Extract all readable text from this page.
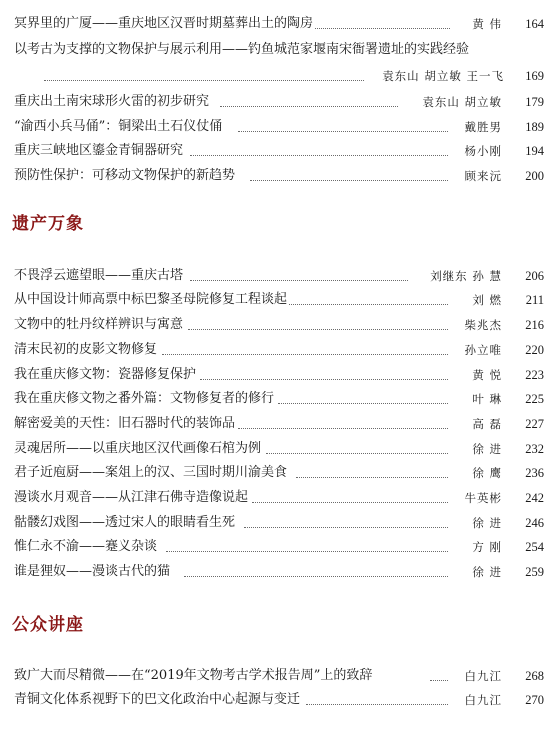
冥界里的广厦——重庆地区汉晋时期墓葬出土的陶房	黄 伟 164
以考古为支撑的文物保护与展示利用——钓鱼城范家堰南宋衙署遗址的实践经验
袁东山 胡立敏 王一飞 169
重庆出土南宋球形火雷的初步研究	袁东山 胡立敏 179
“渝西小兵马俑”：铜梁出土石仪仗俑	戴胜男 189
重庆三峡地区鎏金青铜器研究	杨小刚 194
预防性保护：可移动文物保护的新趋势	顾来沅 200
遗产万象
不畏浮云遮望眼——重庆古塔	刘继东 孙 慧 206
从中国设计师高票中标巴黎圣母院修复工程谈起	刘 燃 211
文物中的牡丹纹样辨识与寓意	柴兆杰 216
清末民初的皮影文物修复	孙立唯 220
我在重庆修文物：瓷器修复保护	黄 悦 223
我在重庆修文物之番外篇：文物修复者的修行	叶 琳 225
解密爱美的天性：旧石器时代的装饰品	高 磊 227
灵魂居所——以重庆地区汉代画像石棺为例	徐 进 232
君子近庖厨——案俎上的汉、三国时期川渝美食	徐 鹰 236
漫谈水月观音——从江津石佛寺造像说起	牛英彬 242
骷髅幻戏图——透过宋人的眼睛看生死	徐 进 246
惟仁永不渝——蹇义杂谈	方 刚 254
谁是狸奴——漫谈古代的猫	徐 进 259
公众讲座
致广大而尽精微——在“2019年文物考古学术报告周”上的致辞	白九江 268
青铜文化体系视野下的巴文化政治中心起源与变迁	白九江 270
